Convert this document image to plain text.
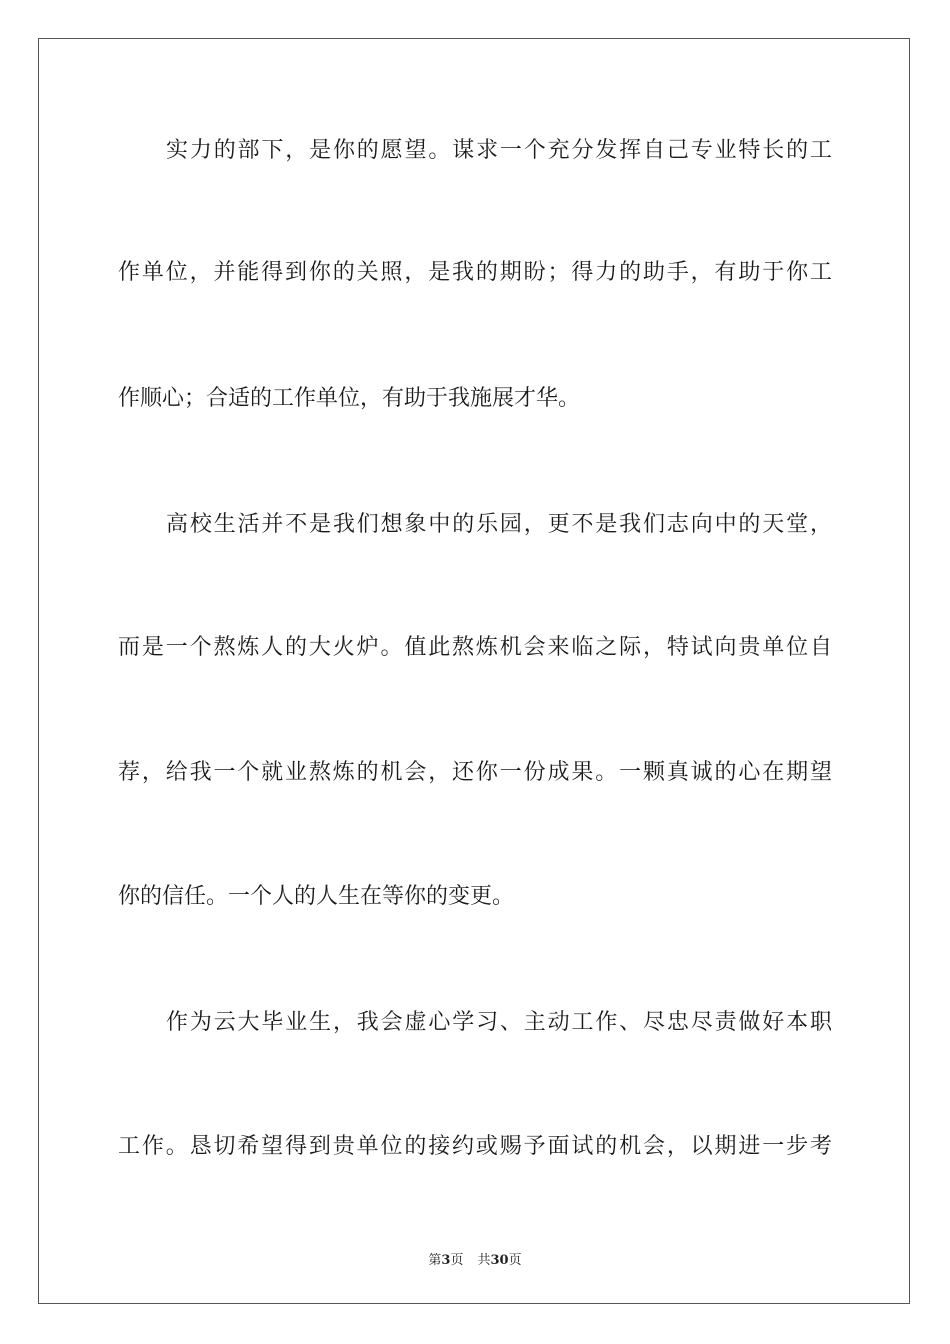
实力的部下，是你的愿望。谋求一个充分发挥自己专业特长的工
作单位，并能得到你的关照，是我的期盼；得力的助手，有助于你工
作顺心；合适的工作单位，有助于我施展才华。
高校生活并不是我们想象中的乐园，更不是我们志向中的天堂，
而是一个熬炼人的大火炉。值此熬炼机会来临之际，特试向贵单位自
荐，给我一个就业熬炼的机会，还你一份成果。一颗真诚的心在期望
你的信任。一个人的人生在等你的变更。
作为云大毕业生，我会虚心学习、主动工作、尽忠尽责做好本职
工作。恳切希望得到贵单位的接约或赐予面试的机会，以期进一步考
第3页 共30页
